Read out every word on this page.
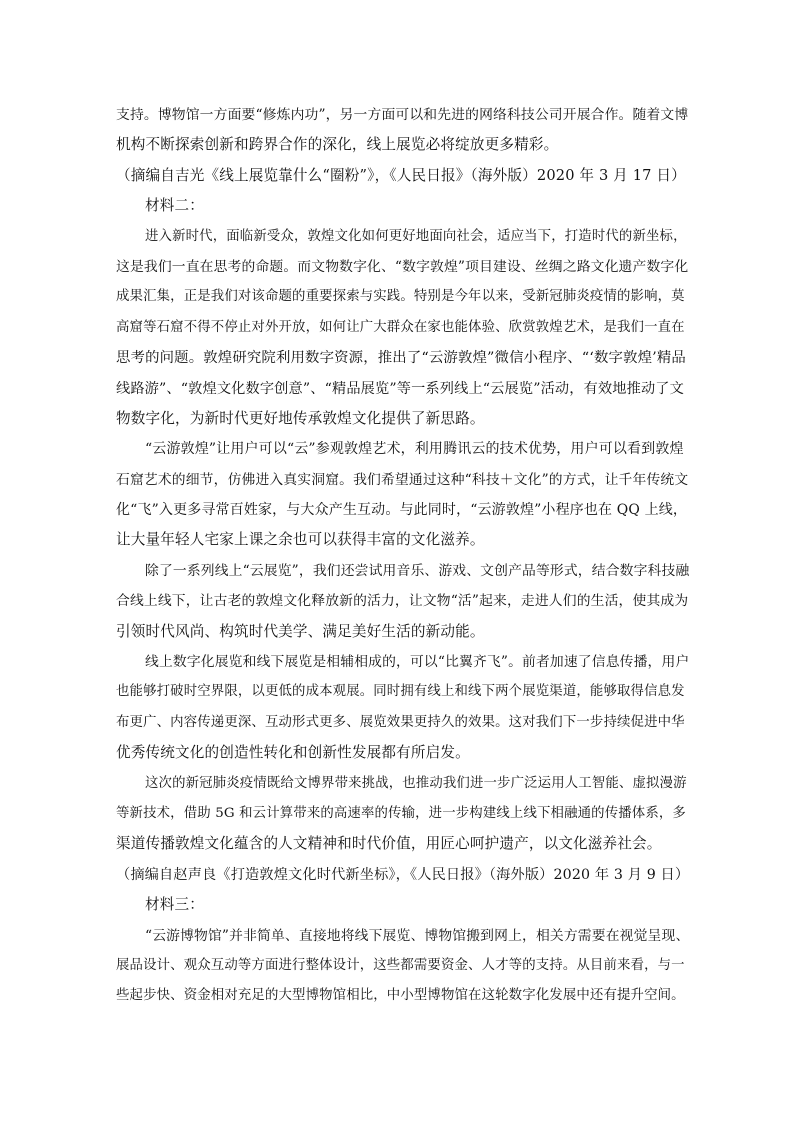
支持。博物馆一方面要“修炼内功”，另一方面可以和先进的网络科技公司开展合作。随着文博
机构不断探索创新和跨界合作的深化，线上展览必将绽放更多精彩。
（摘编自吉光《线上展览靠什么“圈粉”》，《人民日报》（海外版）2020 年 3 月 17 日）
材料二：
进入新时代，面临新受众，敦煌文化如何更好地面向社会，适应当下，打造时代的新坐标，
这是我们一直在思考的命题。而文物数字化、“数字敦煌”项目建设、丝绸之路文化遗产数字化
成果汇集，正是我们对该命题的重要探索与实践。特别是今年以来，受新冠肺炎疫情的影响，莫
高窟等石窟不得不停止对外开放，如何让广大群众在家也能体验、欣赏敦煌艺术，是我们一直在
思考的问题。敦煌研究院利用数字资源，推出了“云游敦煌”微信小程序、“‘数字敦煌’精品
线路游”、“敦煌文化数字创意”、“精品展览”等一系列线上“云展览”活动，有效地推动了文
物数字化，为新时代更好地传承敦煌文化提供了新思路。
“云游敦煌”让用户可以“云”参观敦煌艺术，利用腾讯云的技术优势，用户可以看到敦煌
石窟艺术的细节，仿佛进入真实洞窟。我们希望通过这种“科技＋文化”的方式，让千年传统文
化“飞”入更多寻常百姓家，与大众产生互动。与此同时，“云游敦煌”小程序也在 QQ 上线，
让大量年轻人宅家上课之余也可以获得丰富的文化滋养。
除了一系列线上“云展览”，我们还尝试用音乐、游戏、文创产品等形式，结合数字科技融
合线上线下，让古老的敦煌文化释放新的活力，让文物“活”起来，走进人们的生活，使其成为
引领时代风尚、构筑时代美学、满足美好生活的新动能。
线上数字化展览和线下展览是相辅相成的，可以“比翼齐飞”。前者加速了信息传播，用户
也能够打破时空界限，以更低的成本观展。同时拥有线上和线下两个展览渠道，能够取得信息发
布更广、内容传递更深、互动形式更多、展览效果更持久的效果。这对我们下一步持续促进中华
优秀传统文化的创造性转化和创新性发展都有所启发。
这次的新冠肺炎疫情既给文博界带来挑战，也推动我们进一步广泛运用人工智能、虚拟漫游
等新技术，借助 5G 和云计算带来的高速率的传输，进一步构建线上线下相融通的传播体系，多
渠道传播敦煌文化蕴含的人文精神和时代价值，用匠心呵护遗产，以文化滋养社会。
（摘编自赵声良《打造敦煌文化时代新坐标》，《人民日报》（海外版）2020 年 3 月 9 日）
材料三：
“云游博物馆”并非简单、直接地将线下展览、博物馆搬到网上，相关方需要在视觉呈现、
展品设计、观众互动等方面进行整体设计，这些都需要资金、人才等的支持。从目前来看，与一
些起步快、资金相对充足的大型博物馆相比，中小型博物馆在这轮数字化发展中还有提升空间。
